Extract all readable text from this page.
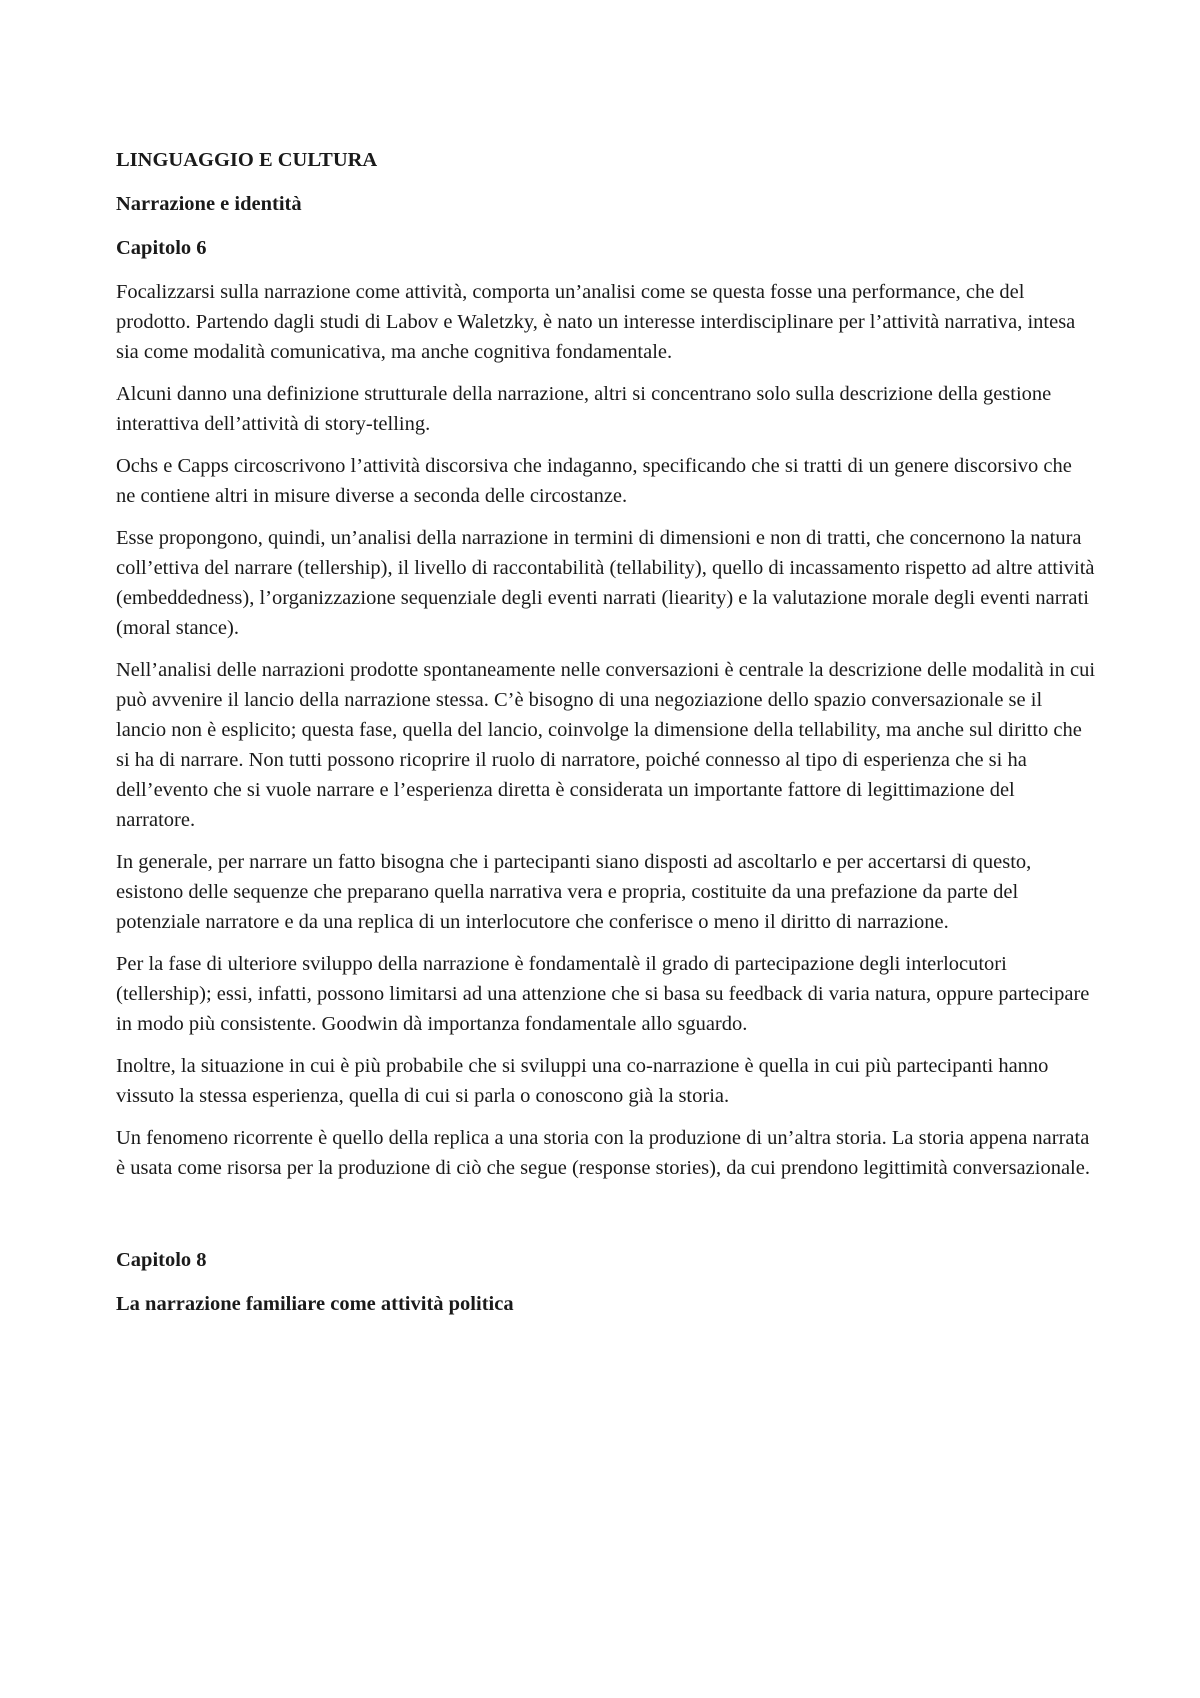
LINGUAGGIO E CULTURA

Narrazione e identità

Capitolo 6

Focalizzarsi sulla narrazione come attività, comporta un’analisi come se questa fosse una performance, che del prodotto. Partendo dagli studi di Labov e Waletzky, è nato un interesse interdisciplinare per l’attività narrativa, intesa sia come modalità comunicativa, ma anche cognitiva fondamentale.

Alcuni danno una definizione strutturale della narrazione, altri si concentrano solo sulla descrizione della gestione interattiva dell’attività di story-telling.

Ochs e Capps circoscrivono l’attività discorsiva che indaganno, specificando che si tratti di un genere discorsivo che ne contiene altri in misure diverse a seconda delle circostanze.

Esse propongono, quindi, un’analisi della narrazione in termini di dimensioni e non di tratti, che concernono la natura coll’ettiva del narrare (tellership), il livello di raccontabilità (tellability), quello di incassamento rispetto ad altre attività (embeddedness), l’organizzazione sequenziale degli eventi narrati (liearity) e la valutazione morale degli eventi narrati (moral stance).

Nell’analisi delle narrazioni prodotte spontaneamente nelle conversazioni è centrale la descrizione delle modalità in cui può avvenire il lancio della narrazione stessa. C’è bisogno di una negoziazione dello spazio conversazionale se il lancio non è esplicito; questa fase, quella del lancio, coinvolge la dimensione della tellability, ma anche sul diritto che si ha di narrare. Non tutti possono ricoprire il ruolo di narratore, poiché connesso al tipo di esperienza che si ha dell’evento che si vuole narrare e l’esperienza diretta è considerata un importante fattore di legittimazione del narratore.

In generale, per narrare un fatto bisogna che i partecipanti siano disposti ad ascoltarlo e per accertarsi di questo, esistono delle sequenze che preparano quella narrativa vera e propria, costituite da una prefazione da parte del potenziale narratore e da una replica di un interlocutore che conferisce o meno il diritto di narrazione.

Per la fase di ulteriore sviluppo della narrazione è fondamentalè il grado di partecipazione degli interlocutori (tellership); essi, infatti, possono limitarsi ad una attenzione che si basa su feedback di varia natura, oppure partecipare in modo più consistente. Goodwin dà importanza fondamentale allo sguardo.

Inoltre, la situazione in cui è più probabile che si sviluppi una co-narrazione è quella in cui più partecipanti hanno vissuto la stessa esperienza, quella di cui si parla o conoscono già la storia.

Un fenomeno ricorrente è quello della replica a una storia con la produzione di un’altra storia. La storia appena narrata è usata come risorsa per la produzione di ciò che segue (response stories), da cui prendono legittimità conversazionale.

Capitolo 8

La narrazione familiare come attività politica
